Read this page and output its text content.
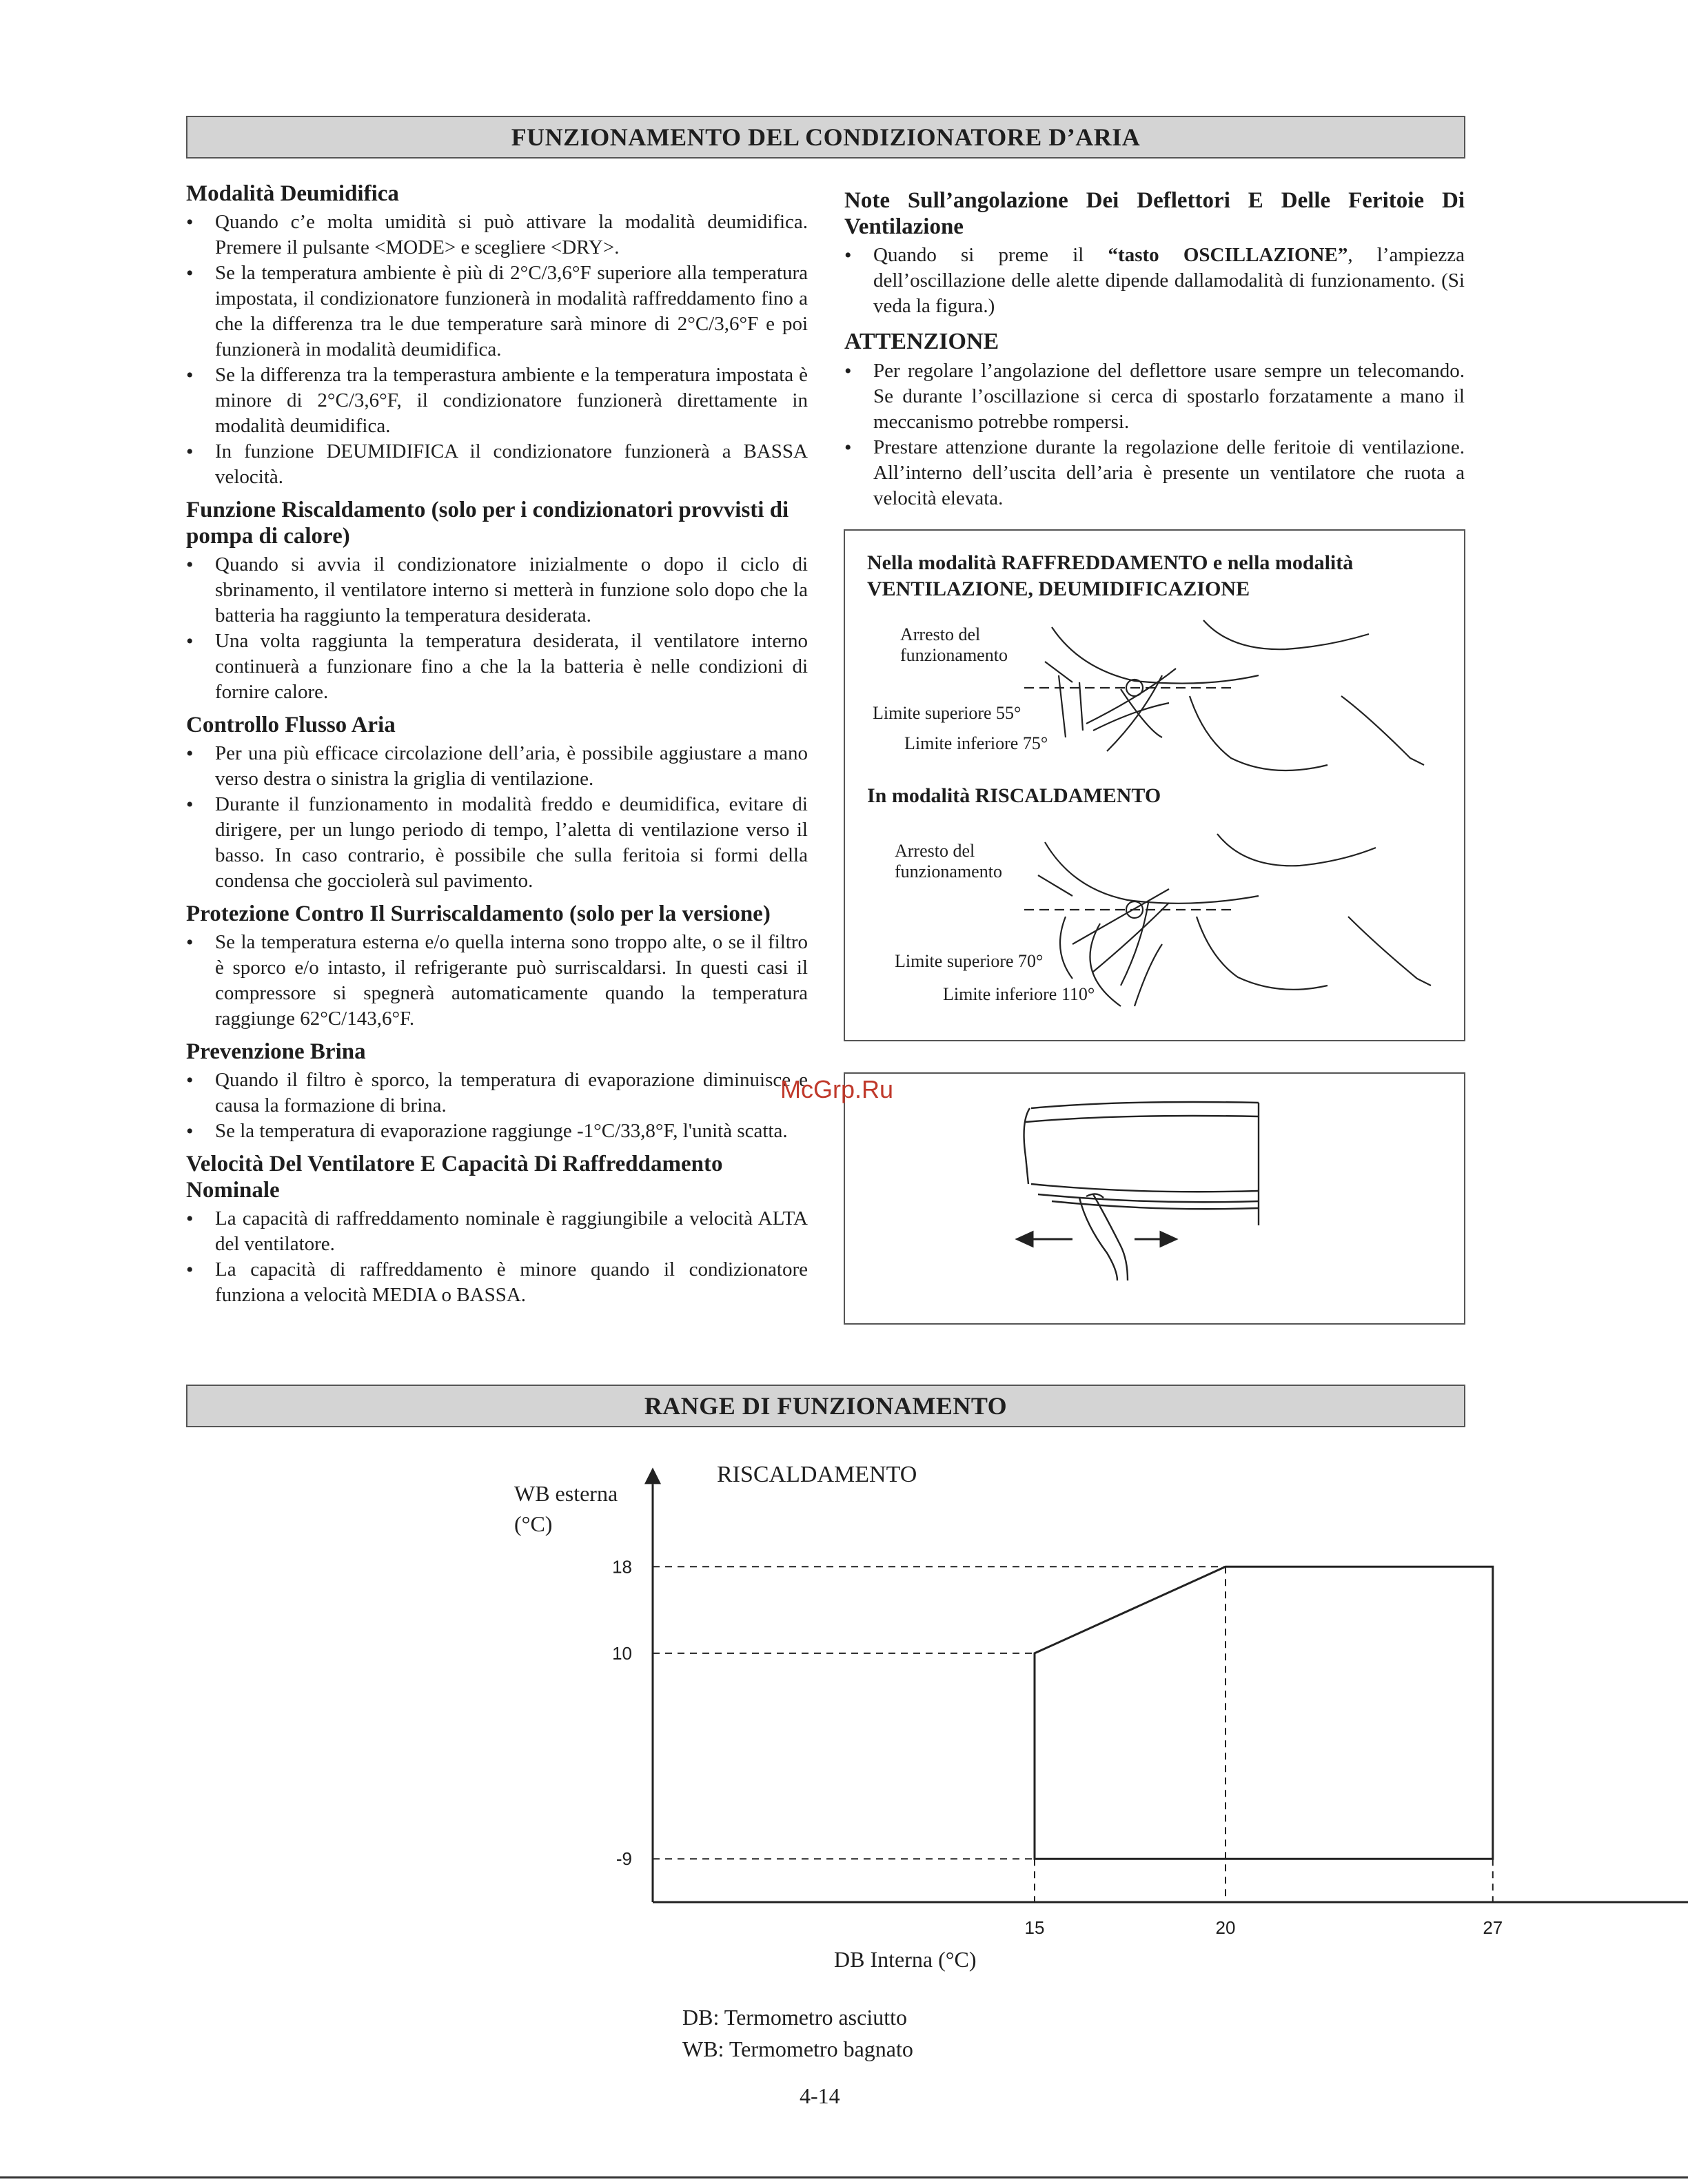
FUNZIONAMENTO DEL CONDIZIONATORE D’ARIA
Modalità Deumidifica
• Quando c’e molta umidità si può attivare la modalità deumidifica. Premere il pulsante <MODE> e scegliere <DRY>.
• Se la temperatura ambiente è più di 2°C/3,6°F superiore alla temperatura impostata, il condizionatore funzionerà in modalità raffreddamento fino a che la differenza tra le due temperature sarà minore di 2°C/3,6°F e poi funzionerà in modalità deumidifica.
• Se la differenza tra la temperastura ambiente e la temperatura impostata è minore di 2°C/3,6°F, il condizionatore funzionerà direttamente in modalità deumidifica.
• In funzione DEUMIDIFICA il condizionatore funzionerà a BASSA velocità.
Funzione Riscaldamento (solo per i condizionatori provvisti di pompa di calore)
• Quando si avvia il condizionatore inizialmente o dopo il ciclo di sbrinamento, il ventilatore interno si metterà in funzione solo dopo che la batteria ha raggiunto la temperatura desiderata.
• Una volta raggiunta la temperatura desiderata, il ventilatore interno continuerà a funzionare fino a che la la batteria è nelle condizioni di fornire calore.
Controllo Flusso Aria
• Per una più efficace circolazione dell’aria, è possibile aggiustare a mano verso destra o sinistra la griglia di ventilazione.
• Durante il funzionamento in modalità freddo e deumidifica, evitare di dirigere, per un lungo periodo di tempo, l’aletta di ventilazione verso il basso. In caso contrario, è possibile che sulla feritoia si formi della condensa che gocciolerà sul pavimento.
Protezione Contro Il Surriscaldamento (solo per la versione)
• Se la temperatura esterna e/o quella interna sono troppo alte, o se il filtro è sporco e/o intasto, il refrigerante può surriscaldarsi. In questi casi il compressore si spegnerà automaticamente quando la temperatura raggiunge 62°C/143,6°F.
Prevenzione Brina
• Quando il filtro è sporco, la temperatura di evaporazione diminuisce e causa la formazione di brina.
• Se la temperatura di evaporazione raggiunge -1°C/33,8°F, l'unità scatta.
Velocità Del Ventilatore E Capacità Di Raffreddamento Nominale
• La capacità di raffreddamento nominale è raggiungibile a velocità ALTA del ventilatore.
• La capacità di raffreddamento è minore quando il condizionatore funziona a velocità MEDIA o BASSA.
Note Sull’angolazione Dei Deflettori E Delle Feritoie Di Ventilazione
• Quando si preme il “tasto OSCILLAZIONE”, l’ampiezza dell’oscillazione delle alette dipende dallamodalità di funzionamento. (Si veda la figura.)
ATTENZIONE
• Per regolare l’angolazione del deflettore usare sempre un telecomando. Se durante l’oscillazione si cerca di spostarlo forzatamente a mano il meccanismo potrebbe rompersi.
• Prestare attenzione durante la regolazione delle feritoie di ventilazione. All’interno dell’uscita dell’aria è presente un ventilatore che ruota a velocità elevata.
Nella modalità RAFFREDDAMENTO e nella modalità
VENTILAZIONE, DEUMIDIFICAZIONE
Arresto del
funzionamento
Limite superiore 55°
Limite inferiore 75°
In modalità RISCALDAMENTO
Arresto del
funzionamento
Limite superiore 70°
Limite inferiore 110°
McGrp.Ru
RANGE DI FUNZIONAMENTO
RISCALDAMENTO
WB esterna
(°C)
DB Interna (°C)
15	20	27
-9
10
18
DB: Termometro asciutto
WB: Termometro bagnato
4-14
